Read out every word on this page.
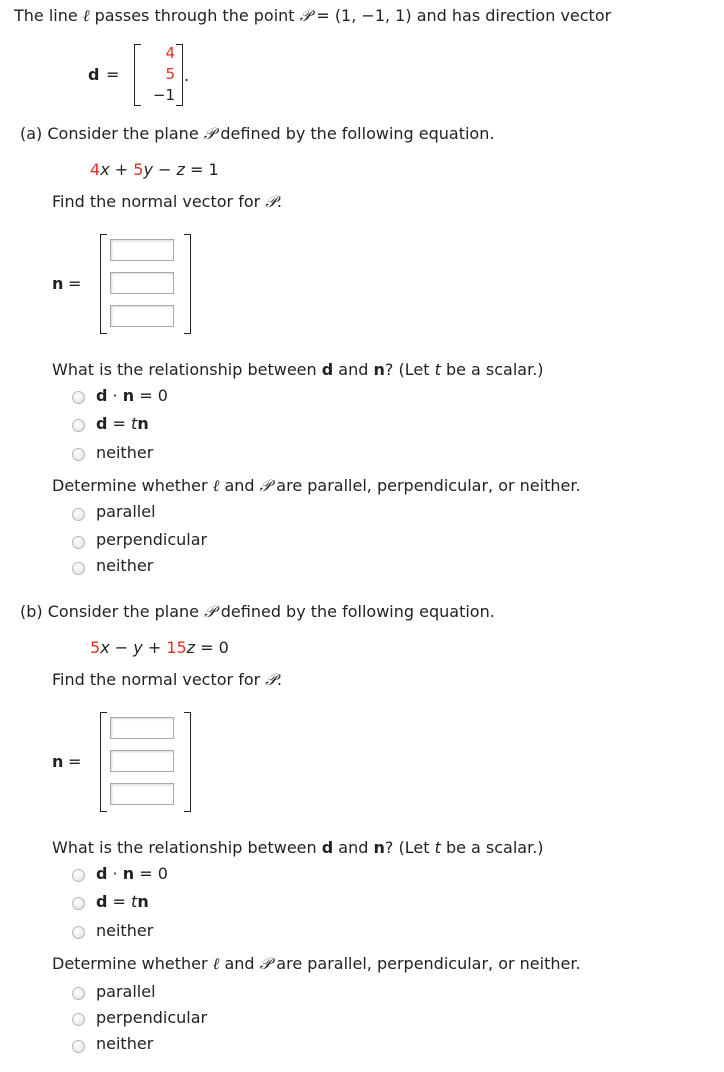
The line ℓ passes through the point 𝒫 = (1, −1, 1) and has direction vector
d =
4
5
−1
.
(a) Consider the plane 𝒫 defined by the following equation.
4x + 5y − z = 1
Find the normal vector for 𝒫.
n =
What is the relationship between d and n? (Let t be a scalar.)
d · n = 0
d = tn
neither
Determine whether ℓ and 𝒫 are parallel, perpendicular, or neither.
parallel
perpendicular
neither
(b) Consider the plane 𝒫 defined by the following equation.
5x − y + 15z = 0
Find the normal vector for 𝒫.
n =
What is the relationship between d and n? (Let t be a scalar.)
d · n = 0
d = tn
neither
Determine whether ℓ and 𝒫 are parallel, perpendicular, or neither.
parallel
perpendicular
neither
